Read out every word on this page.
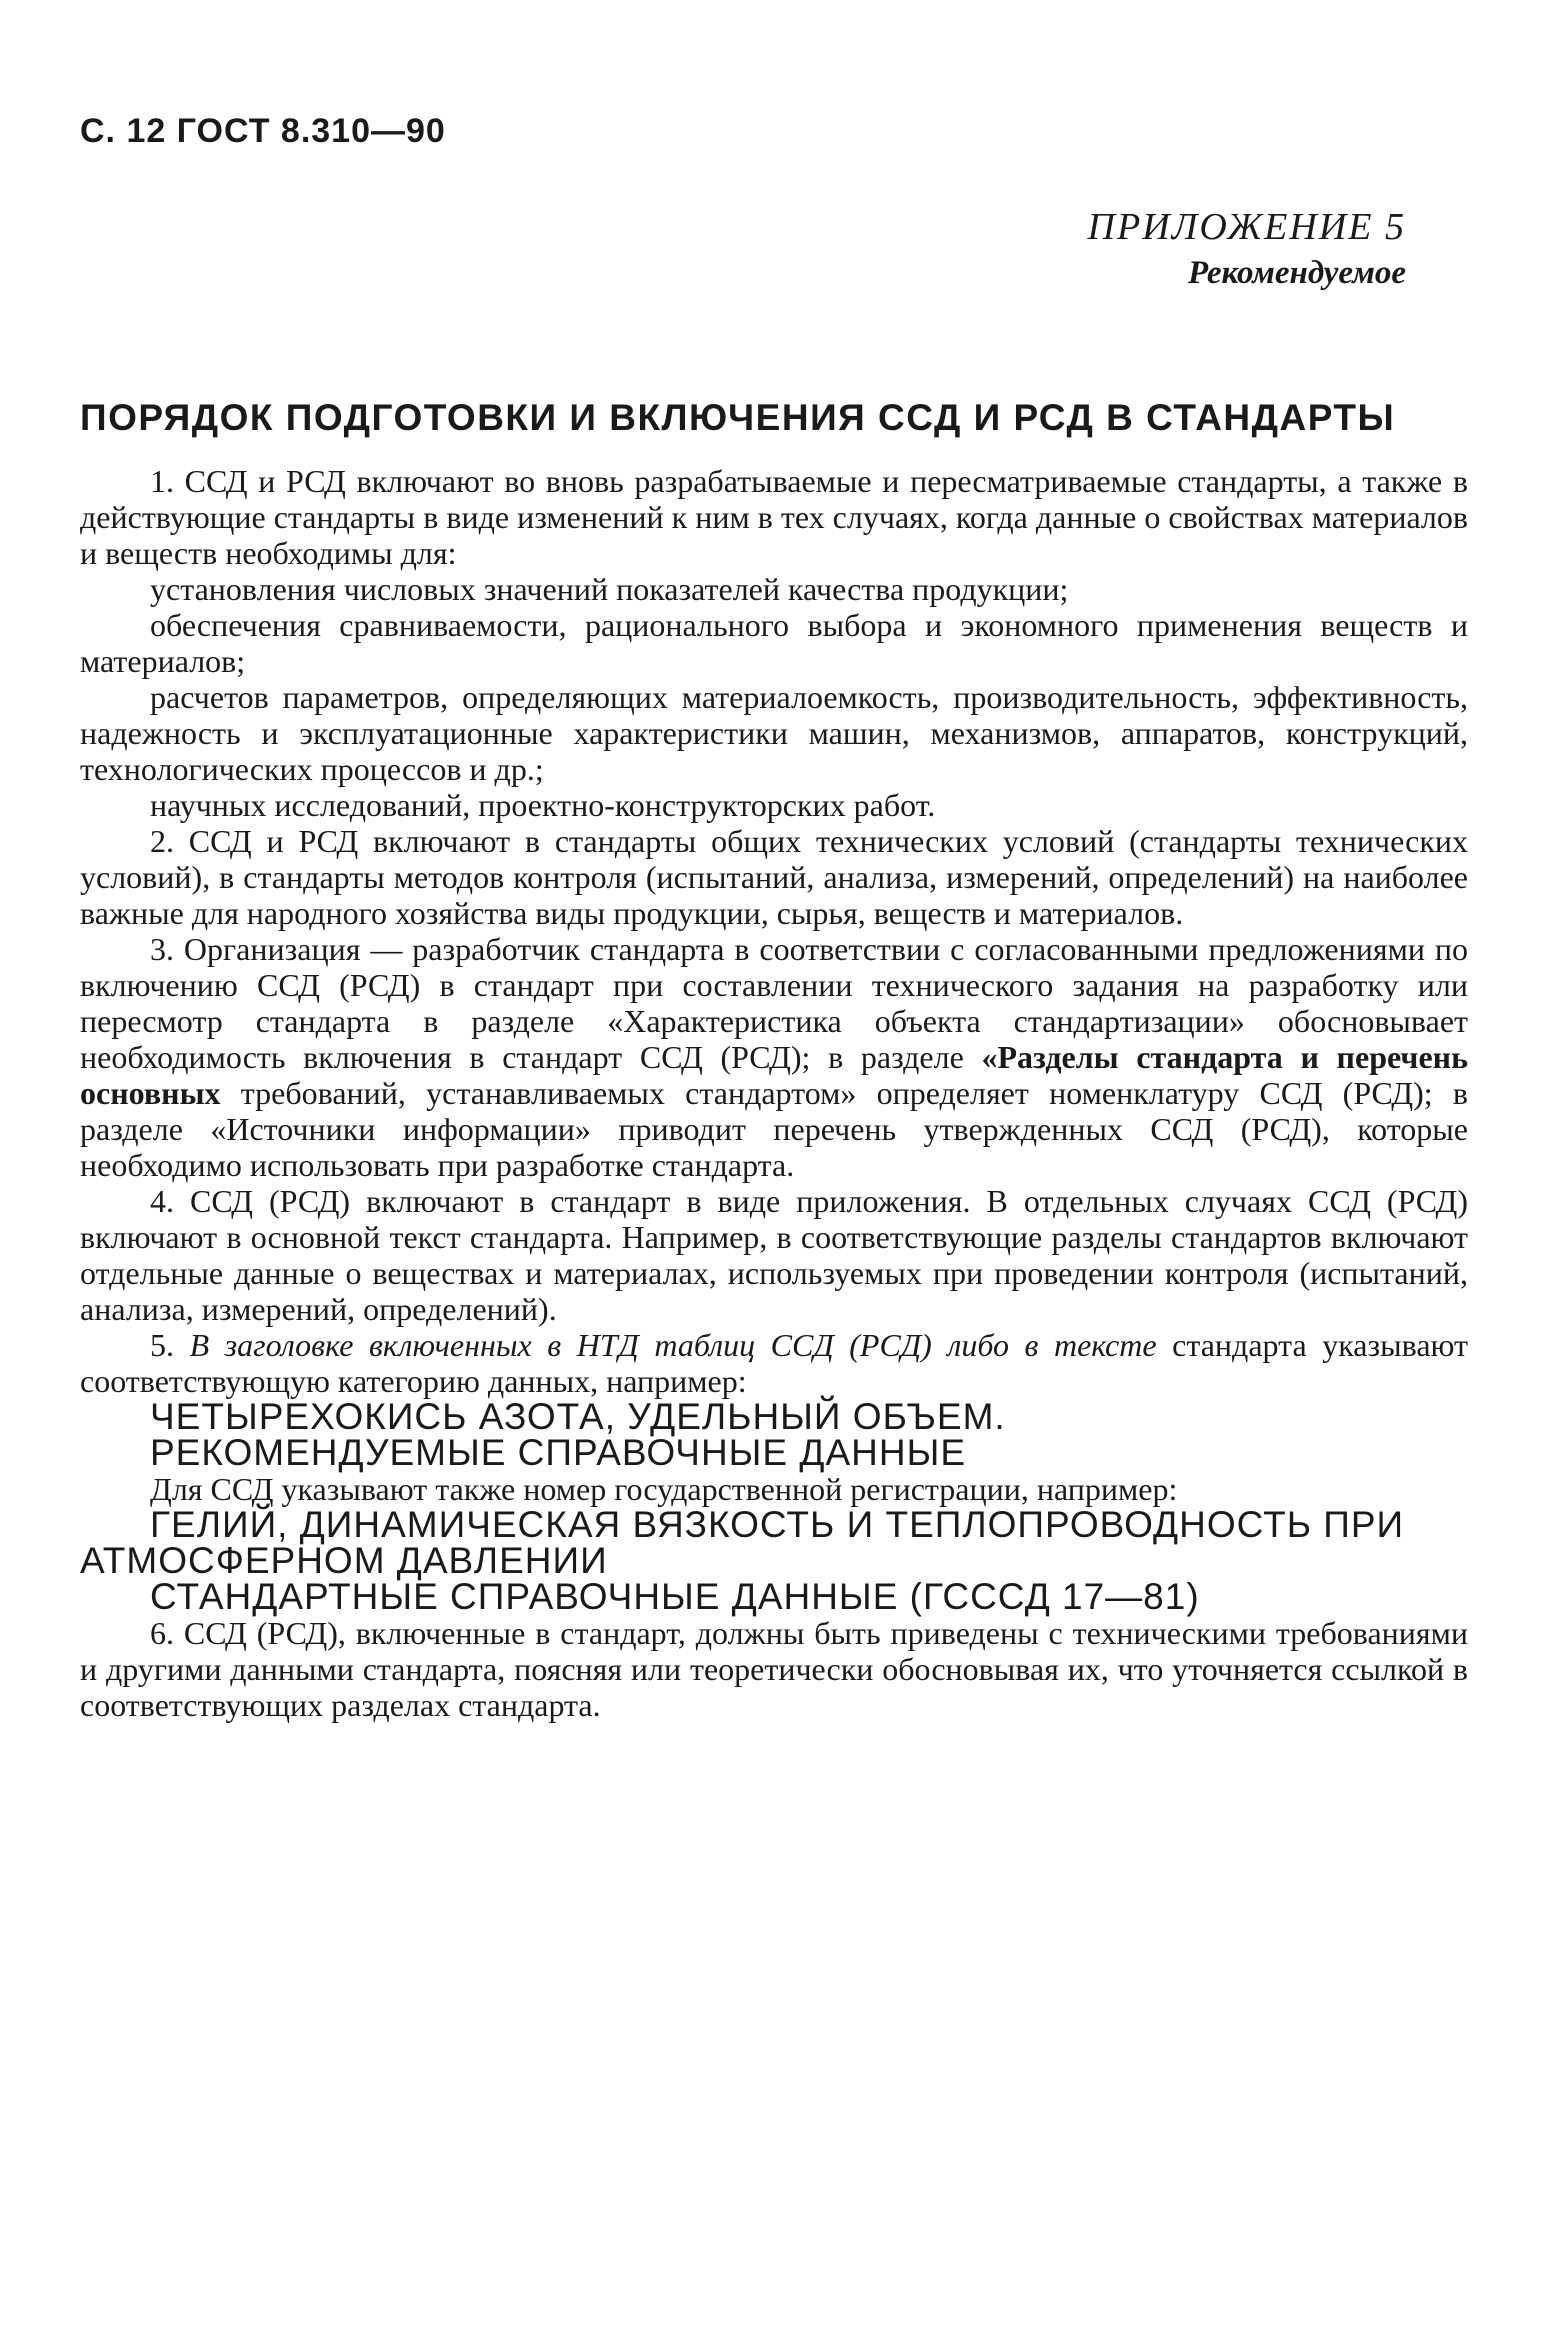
С. 12 ГОСТ 8.310—90
ПРИЛОЖЕНИЕ 5
Рекомендуемое
ПОРЯДОК ПОДГОТОВКИ И ВКЛЮЧЕНИЯ ССД И РСД В СТАНДАРТЫ

1. ССД и РСД включают во вновь разрабатываемые и пересматриваемые стандарты, а также в действующие стандарты в виде изменений к ним в тех случаях, когда данные о свойствах материалов и веществ необходимы для:

установления числовых значений показателей качества продукции;

обеспечения сравниваемости, рационального выбора и экономного применения веществ и материалов;

расчетов параметров, определяющих материалоемкость, производительность, эффективность, надежность и эксплуатационные характеристики машин, механизмов, аппаратов, конструкций, технологических процессов и др.;

научных исследований, проектно-конструкторских работ.

2. ССД и РСД включают в стандарты общих технических условий (стандарты технических условий), в стандарты методов контроля (испытаний, анализа, измерений, определений) на наиболее важные для народного хозяйства виды продукции, сырья, веществ и материалов.

3. Организация — разработчик стандарта в соответствии с согласованными предложениями по включению ССД (РСД) в стандарт при составлении технического задания на разработку или пересмотр стандарта в разделе «Характеристика объекта стандартизации» обосновывает необходимость включения в стандарт ССД (РСД); в разделе «Разделы стандарта и перечень основных требований, устанавливаемых стандартом» определяет номенклатуру ССД (РСД); в разделе «Источники информации» приводит перечень утвержденных ССД (РСД), которые необходимо использовать при разработке стандарта.

4. ССД (РСД) включают в стандарт в виде приложения. В отдельных случаях ССД (РСД) включают в основной текст стандарта. Например, в соответствующие разделы стандартов включают отдельные данные о веществах и материалах, используемых при проведении контроля (испытаний, анализа, измерений, определений).

5. В заголовке включенных в НТД таблиц ССД (РСД) либо в тексте стандарта указывают соответствующую категорию данных, например:

ЧЕТЫРЕХОКИСЬ АЗОТА, УДЕЛЬНЫЙ ОБЪЕМ.

РЕКОМЕНДУЕМЫЕ СПРАВОЧНЫЕ ДАННЫЕ

Для ССД указывают также номер государственной регистрации, например:

ГЕЛИЙ, ДИНАМИЧЕСКАЯ ВЯЗКОСТЬ И ТЕПЛОПРОВОДНОСТЬ ПРИ АТМОСФЕРНОМ ДАВЛЕНИИ

СТАНДАРТНЫЕ СПРАВОЧНЫЕ ДАННЫЕ (ГСССД 17—81)

6. ССД (РСД), включенные в стандарт, должны быть приведены с техническими требованиями и другими данными стандарта, поясняя или теоретически обосновывая их, что уточняется ссылкой в соответствующих разделах стандарта.
